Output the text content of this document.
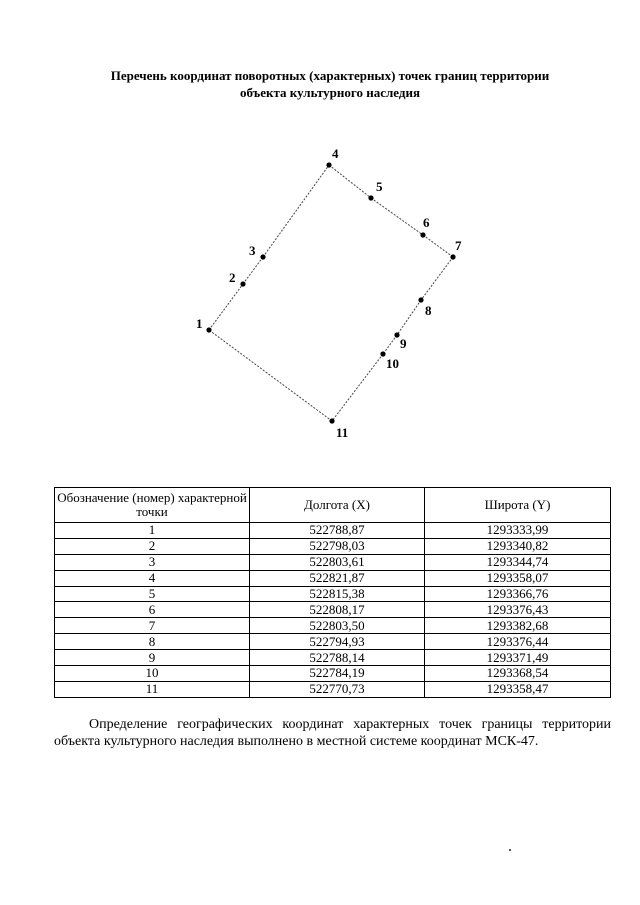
Перечень координат поворотных (характерных) точек границ территории
объекта культурного наследия
1
2
3
4
5
6
7
8
9
10
11
Обозначение (номер) характерной точки	Долгота (X)	Широта (Y)
1	522788,87	1293333,99
2	522798,03	1293340,82
3	522803,61	1293344,74
4	522821,87	1293358,07
5	522815,38	1293366,76
6	522808,17	1293376,43
7	522803,50	1293382,68
8	522794,93	1293376,44
9	522788,14	1293371,49
10	522784,19	1293368,54
11	522770,73	1293358,47
Определение географических координат характерных точек границы территории объекта культурного наследия выполнено в местной системе координат МСК-47.
